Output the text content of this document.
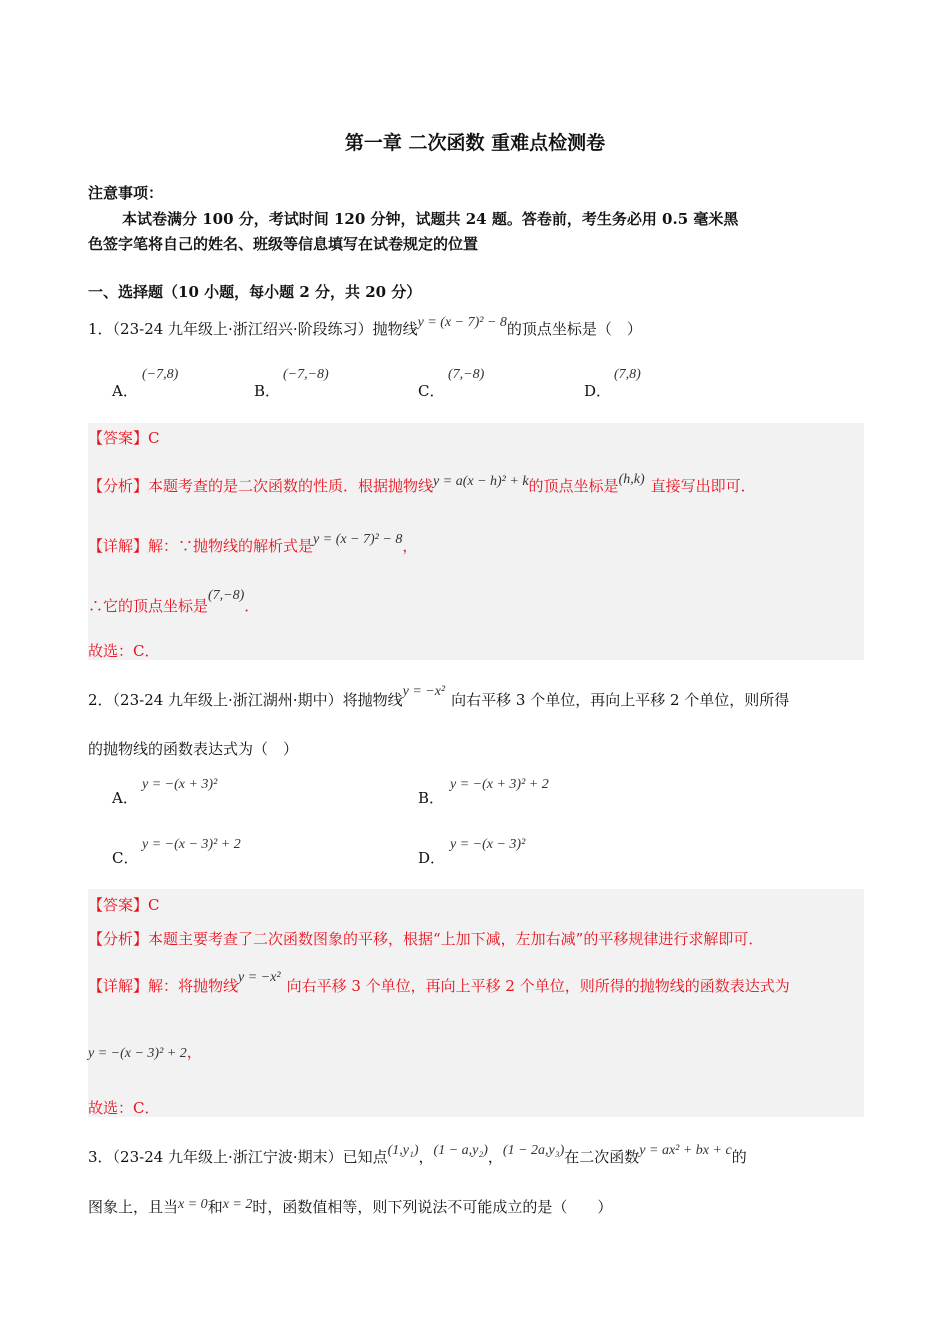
第一章 二次函数 重难点检测卷
注意事项：
本试卷满分 100 分，考试时间 120 分钟，试题共 24 题。答卷前，考生务必用 0.5 毫米黑
色签字笔将自己的姓名、班级等信息填写在试卷规定的位置
一、选择题（10 小题，每小题 2 分，共 20 分）
1．（23-24 九年级上·浙江绍兴·阶段练习）抛物线y = (x − 7)² − 8的顶点坐标是（　）
A．
(−7,8)
B．
(−7,−8)
C．
(7,−8)
D．
(7,8)
【答案】C
【分析】本题考查的是二次函数的性质．根据抛物线y = a(x − h)² + k的顶点坐标是(h,k) 直接写出即可．
【详解】解：∵抛物线的解析式是y = (x − 7)² − 8，
∴它的顶点坐标是(7,−8)．
故选：C．
2．（23-24 九年级上·浙江湖州·期中）将抛物线y = −x² 向右平移 3 个单位，再向上平移 2 个单位，则所得
的抛物线的函数表达式为（　）
A．
y = −(x + 3)²
B．
y = −(x + 3)² + 2
C．
y = −(x − 3)² + 2
D．
y = −(x − 3)²
【答案】C
【分析】本题主要考查了二次函数图象的平移，根据“上加下减，左加右减”的平移规律进行求解即可．
【详解】解：将抛物线y = −x² 向右平移 3 个单位，再向上平移 2 个单位，则所得的抛物线的函数表达式为
y = −(x − 3)² + 2，
故选：C．
3．（23-24 九年级上·浙江宁波·期末）已知点(1,y₁)，(1 − a,y₂)，(1 − 2a,y₃)在二次函数y = ax² + bx + c的
图象上，且当x = 0和x = 2时，函数值相等，则下列说法不可能成立的是（　　）
